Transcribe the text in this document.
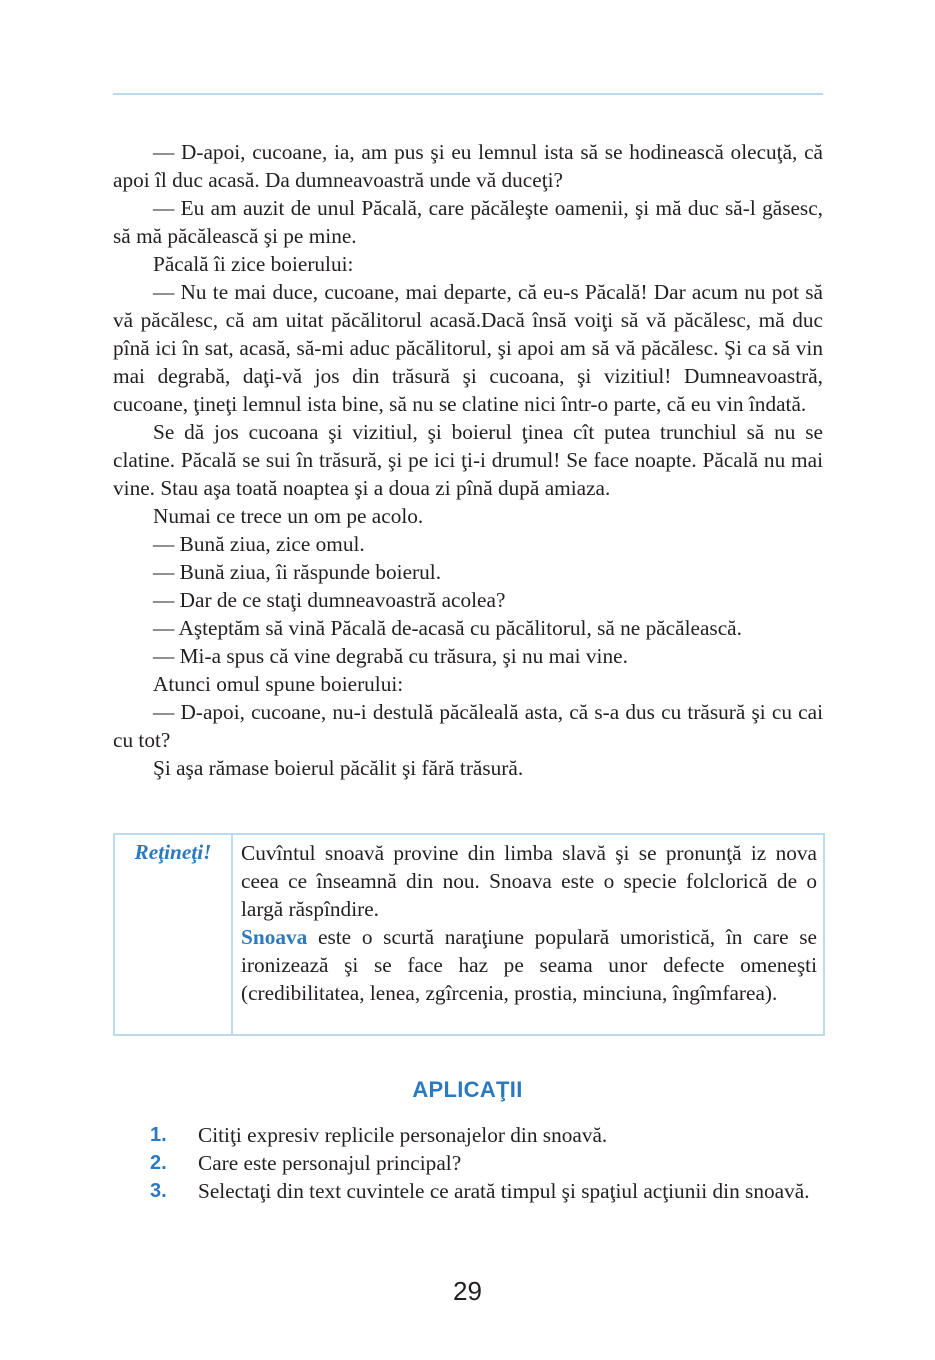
— D-apoi, cucoane, ia, am pus şi eu lemnul ista să se hodinească olecuţă, că apoi îl duc acasă. Da dumneavoastră unde vă duceţi?

— Eu am auzit de unul Păcală, care păcăleşte oamenii, şi mă duc să-l găsesc, să mă păcălească şi pe mine.

Păcală îi zice boierului:

— Nu te mai duce, cucoane, mai departe, că eu-s Păcală! Dar acum nu pot să vă păcălesc, că am uitat păcălitorul acasă.Dacă însă voiţi să vă păcălesc, mă duc pînă ici în sat, acasă, să-mi aduc păcălitorul, şi apoi am să vă păcălesc. Şi ca să vin mai degrabă, daţi-vă jos din trăsură şi cucoana, şi vizitiul! Dumneavoastră, cucoane, ţineţi lemnul ista bine, să nu se clatine nici într-o parte, că eu vin îndată.

Se dă jos cucoana şi vizitiul, şi boierul ţinea cît putea trunchiul să nu se clatine. Păcală se sui în trăsură, şi pe ici ţi-i drumul! Se face noapte. Păcală nu mai vine. Stau aşa toată noaptea şi a doua zi pînă după amiaza.

Numai ce trece un om pe acolo.

— Bună ziua, zice omul.

— Bună ziua, îi răspunde boierul.

— Dar de ce staţi dumneavoastră acolea?

— Aşteptăm să vină Păcală de-acasă cu păcălitorul, să ne păcălească.

— Mi-a spus că vine degrabă cu trăsura, şi nu mai vine.

Atunci omul spune boierului:

— D-apoi, cucoane, nu-i destulă păcăleală asta, că s-a dus cu trăsură şi cu cai cu tot?

Şi aşa rămase boierul păcălit şi fără trăsură.

Reţineţi!	Cuvîntul snoavă provine din limba slavă şi se pronunţă iz nova ceea ce înseamnă din nou. Snoava este o specie folclorică de o largă răspîndire.

Snoava este o scurtă naraţiune populară umoristică, în care se ironizează şi se face haz pe seama unor defecte omeneşti (credibilitatea, lenea, zgîrcenia, prostia, minciuna, îngîmfarea).

APLICAŢII
1.	Citiţi expresiv replicile personajelor din snoavă.
2.	Care este personajul principal?
3.	Selectaţi din text cuvintele ce arată timpul şi spaţiul acţiunii din snoavă.
29
